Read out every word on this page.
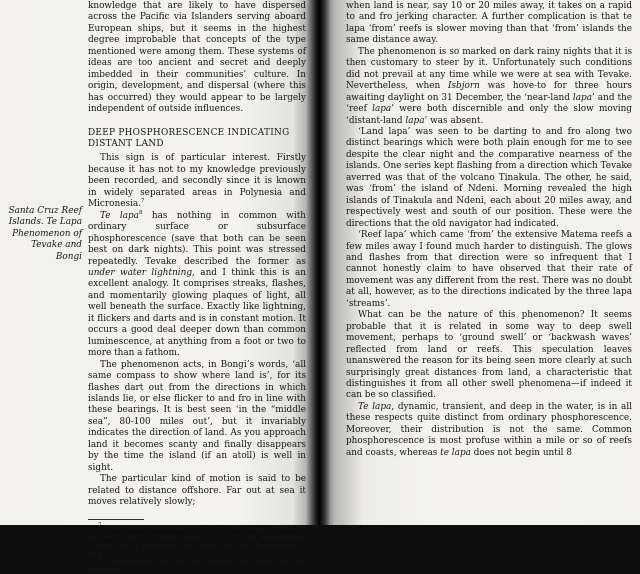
Santa Cruz Reef Islands. Te Lapa Phenomenon of Tevake and Bongi

knowledge that are likely to have dispersed across the Pacific via Islanders serving aboard European ships, but it seems in the highest degree improbable that concepts of the type mentioned were among them. These systems of ideas are too ancient and secret and deeply imbedded in their communities’ culture. In origin, development, and dispersal (where this has occurred) they would appear to be largely independent of outside influences.

DEEP PHOSPHORESCENCE INDICATING DISTANT LAND

This sign is of particular interest. Firstly because it has not to my knowledge previously been recorded, and secondly since it is known in widely separated areas in Polynesia and Micronesia.$^7$

Te lapa$^8$ has nothing in common with ordinary surface or subsurface phosphorescence (save that both can be seen best on dark nights). This point was stressed repeatedly. Tevake described the former as under water lightning, and I think this is an excellent analogy. It comprises streaks, flashes, and momentarily glowing plaques of light, all well beneath the surface. Exactly like lightning, it flickers and darts and is in constant motion. It occurs a good deal deeper down than common luminescence, at anything from a foot or two to more than a fathom.

The phenomenon acts, in Bongi’s words, ‘all same compass to show where land is’, for its flashes dart out from the directions in which islands lie, or else flicker to and fro in line with these bearings. It is best seen ‘in the “middle sea”, 80-100 miles out’, but it invariably indicates the direction of land. As you approach land it becomes scanty and finally disappears by the time the island (if an atoll) is well in sight.

The particular kind of motion is said to be related to distance offshore. Far out at sea it moves relatively slowly;

$^7$ I have used the familiar term ‘phosphorescence’ in lieu of the more exact ‘luminescence’ to avoid any unwarranted assumption of precision. The nature of this phenomenon is uncertain.

$^8$ Demonstrated at sea by Tevake and Bongi on two occasions.

when land is near, say 10 or 20 miles away, it takes on a rapid to and fro jerking character. A further complication is that te lapa ‘from’ reefs is slower moving than that ‘from’ islands the same distance away.

The phenomenon is so marked on dark rainy nights that it is then customary to steer by it. Unfortunately such conditions did not prevail at any time while we were at sea with Tevake. Nevertheless, when Isbjorn was hove-to for three hours awaiting daylight on 31 December, the ‘near-land lapa’ and the ‘reef lapa’ were both discernible and only the slow moving ‘distant-land lapa’ was absent.

‘Land lapa’ was seen to be darting to and fro along two distinct bearings which were both plain enough for me to see despite the clear night and the comparative nearness of the islands. One series kept flashing from a direction which Tevake averred was that of the volcano Tinakula. The other, he said, was ‘from’ the island of Ndeni. Morning revealed the high islands of Tinakula and Ndeni, each about 20 miles away, and respectively west and south of our position. These were the directions that the old navigator had indicated.

‘Reef lapa’ which came ‘from’ the extensive Matema reefs a few miles away I found much harder to distinguish. The glows and flashes from that direction were so infrequent that I cannot honestly claim to have observed that their rate of movement was any different from the rest. There was no doubt at all, however, as to the directions indicated by the three lapa ‘streams’.

What can be the nature of this phenomenon? It seems probable that it is related in some way to deep swell movement, perhaps to ‘ground swell’ or ‘backwash waves’ reflected from land or reefs. This speculation leaves unanswered the reason for its being seen more clearly at such surprisingly great distances from land, a characteristic that distinguishes it from all other swell phenomena—if indeed it can be so classified.

Te lapa, dynamic, transient, and deep in the water, is in all these respects quite distinct from ordinary phosphorescence. Moreover, their distribution is not the same. Common phosphorescence is most profuse within a mile or so of reefs and coasts, whereas te lapa does not begin until 8
